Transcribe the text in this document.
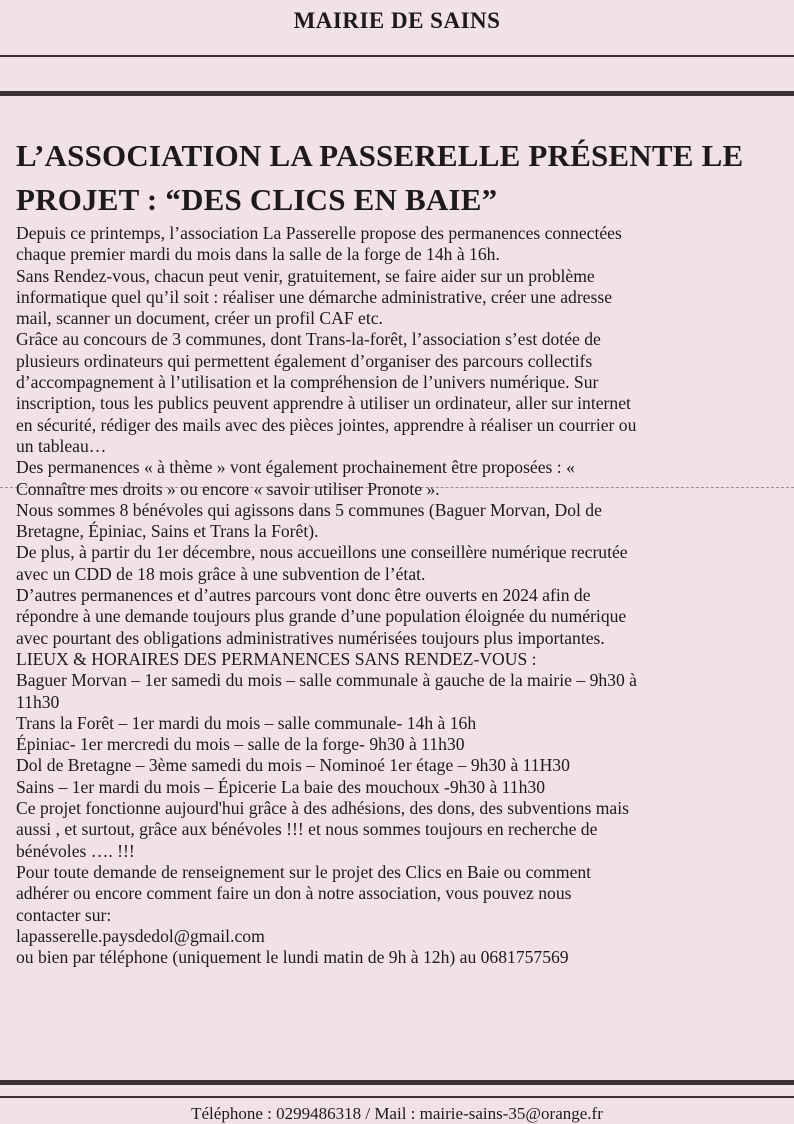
MAIRIE DE SAINS
L’ASSOCIATION LA PASSERELLE PRÉSENTE LE
PROJET : “DES CLICS EN BAIE”
Depuis ce printemps, l’association La Passerelle propose des permanences connectées
chaque premier mardi du mois dans la salle de la forge de 14h à 16h.
Sans Rendez-vous, chacun peut venir, gratuitement, se faire aider sur un problème
informatique quel qu’il soit : réaliser une démarche administrative, créer une adresse
mail, scanner un document, créer un profil CAF etc.
Grâce au concours de 3 communes, dont Trans-la-forêt, l’association s’est dotée de
plusieurs ordinateurs qui permettent également d’organiser des parcours collectifs
d’accompagnement à l’utilisation et la compréhension de l’univers numérique. Sur
inscription, tous les publics peuvent apprendre à utiliser un ordinateur, aller sur internet
en sécurité, rédiger des mails avec des pièces jointes, apprendre à réaliser un courrier ou
un tableau…
Des permanences « à thème » vont également prochainement être proposées : «
Connaître mes droits » ou encore « savoir utiliser Pronote ».
Nous sommes 8 bénévoles qui agissons dans 5 communes (Baguer Morvan, Dol de
Bretagne, Épiniac, Sains et Trans la Forêt).
De plus, à partir du 1er décembre, nous accueillons une conseillère numérique recrutée
avec un CDD de 18 mois grâce à une subvention de l’état.
D’autres permanences et d’autres parcours vont donc être ouverts en 2024 afin de
répondre à une demande toujours plus grande d’une population éloignée du numérique
avec pourtant des obligations administratives numérisées toujours plus importantes.
LIEUX & HORAIRES DES PERMANENCES SANS RENDEZ-VOUS :
Baguer Morvan – 1er samedi du mois – salle communale à gauche de la mairie – 9h30 à
11h30
Trans la Forêt – 1er mardi du mois – salle communale- 14h à 16h
Épiniac- 1er mercredi du mois – salle de la forge- 9h30 à 11h30
Dol de Bretagne – 3ème samedi du mois – Nominoé 1er étage – 9h30 à 11H30
Sains – 1er mardi du mois – Épicerie La baie des mouchoux -9h30 à 11h30
Ce projet fonctionne aujourd'hui grâce à des adhésions, des dons, des subventions mais
aussi , et surtout, grâce aux bénévoles !!! et nous sommes toujours en recherche de
bénévoles …. !!!
Pour toute demande de renseignement sur le projet des Clics en Baie ou comment
adhérer ou encore comment faire un don à notre association, vous pouvez nous
contacter sur:
lapasserelle.paysdedol@gmail.com
ou bien par téléphone (uniquement le lundi matin de 9h à 12h) au 0681757569
Téléphone : 0299486318 / Mail : mairie-sains-35@orange.fr
